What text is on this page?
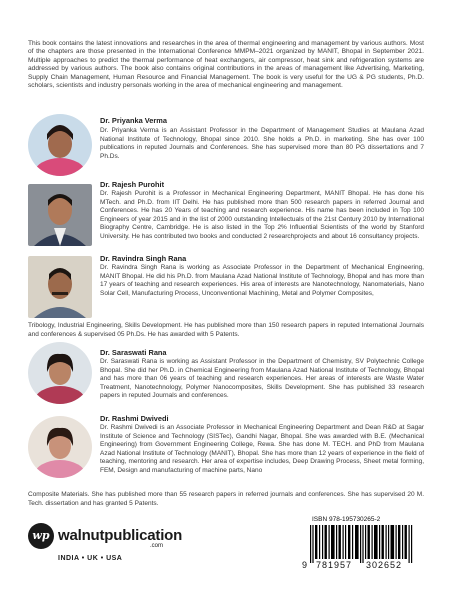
This book contains the latest innovations and researches in the area of thermal engineering and management by various authors. Most of the chapters are those presented in the International Conference MMPM–2021 organized by MANIT, Bhopal in September 2021. Multiple approaches to predict the thermal performance of heat exchangers, air compressor, heat sink and refrigeration systems are addressed by various authors. The book also contains original contributions in the areas of management like Advertising, Marketing, Supply Chain Management, Human Resource and Financial Management. The book is very useful for the UG & PG students, Ph.D. scholars, scientists and industry personals working in the area of mechanical engineering and management.

Dr. Priyanka Verma

Dr. Priyanka Verma is an Assistant Professor in the Department of Management Studies at Maulana Azad National Institute of Technology, Bhopal since 2010. She holds a Ph.D. in marketing. She has over 100 publications in reputed Journals and Conferences. She has supervised more than 80 PG dissertations and 7 Ph.Ds.

Dr. Rajesh Purohit

Dr. Rajesh Purohit is a Professor in Mechanical Engineering Department, MANIT Bhopal. He has done his MTech. and Ph.D. from IIT Delhi. He has published more than 500 research papers in referred Journal and Conferences. He has 20 Years of teaching and research experience. His name has been included in Top 100 Engineers of year 2015 and in the list of 2000 outstanding Intellectuals of the 21st Century 2010 by International Biography Centre, Cambridge. He is also listed in the Top 2% Influential Scientists of the world by Stanford University. He has contributed two books and conducted 2 researchprojects and about 16 consultancy projects.

Dr. Ravindra Singh Rana

Dr. Ravindra Singh Rana is working as Associate Professor in the Department of Mechanical Engineering, MANIT Bhopal. He did his Ph.D. from Maulana Azad National Institute of Technology, Bhopal and has more than 17 years of teaching and research experiences. His area of interests are Nanotechnology, Nanomaterials, Nano Solar Cell, Manufacturing Process, Unconventional Machining, Metal and Polymer Composites,

Tribology, Industrial Engineering, Skills Development. He has published more than 150 research papers in reputed International Journals and conferences & supervised 05 Ph.Ds. He has awarded with 5 Patents.

Dr. Saraswati Rana

Dr. Saraswati Rana is working as Assistant Professor in the Department of Chemistry, SV Polytechnic College Bhopal. She did her Ph.D. in Chemical Engineering from Maulana Azad National Institute of Technology, Bhopal and has more than 06 years of teaching and research experiences. Her areas of interests are Waste Water Treatment, Nanotechnology, Polymer Nanocomposites, Skills Development. She has published 33 research papers in reputed Journals and conferences.

Dr. Rashmi Dwivedi

Dr. Rashmi Dwivedi is an Associate Professor in Mechanical Engineering Department and Dean R&D at Sagar Institute of Science and Technology (SISTec), Gandhi Nagar, Bhopal. She was awarded with B.E. (Mechanical Engineering) from Government Engineering College, Rewa. She has done M. TECH. and PhD from Maulana Azad National Institute of Technology (MANIT), Bhopal. She has more than 12 years of experience in the field of teaching, mentoring and research. Her area of expertise includes, Deep Drawing Process, Sheet metal forming, FEM, Design and manufacturing of machine parts, Nano

Composite Materials. She has published more than 55 research papers in referred journals and conferences. She has supervised 20 M. Tech. dissertation and has granted 5 Patents.

wp walnutpublication
.com
INDIA • UK • USA
ISBN 978-195730265-2
9 781957 302652
